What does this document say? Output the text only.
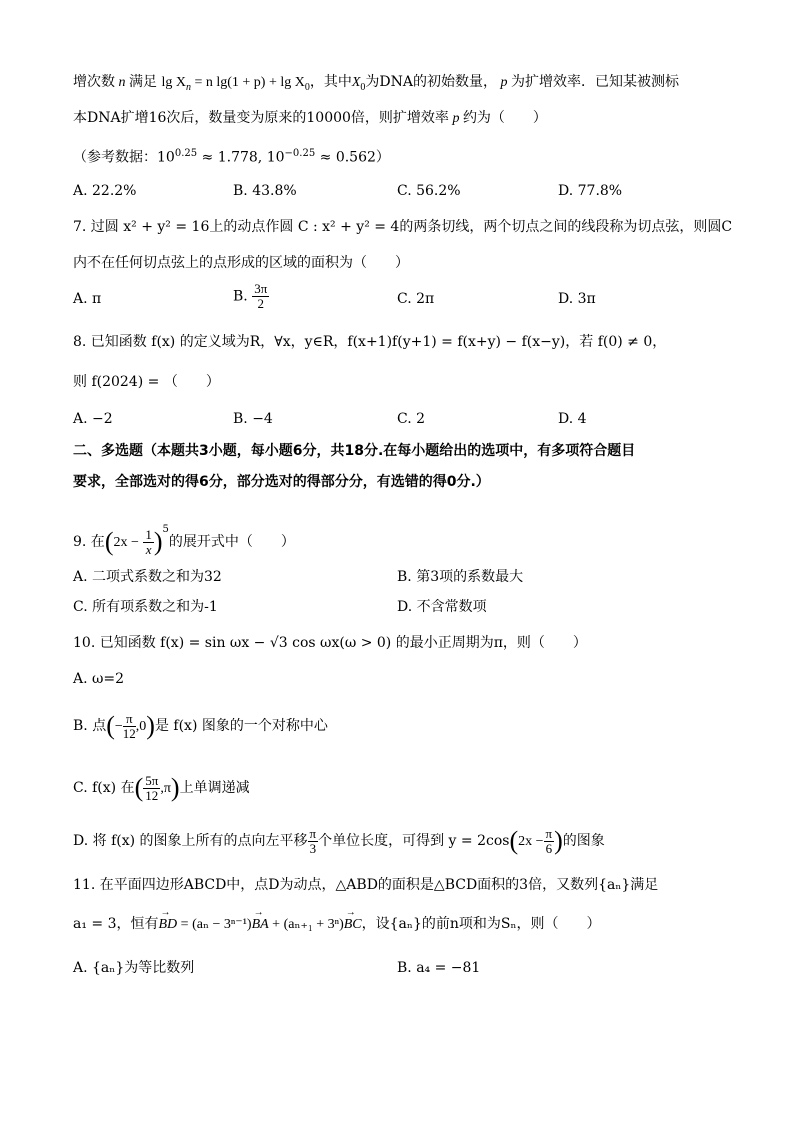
增次数 n 满足 $\lg X_n = n$ $\lg(1 + p) + \lg X_0$，其中$X_0$为DNA的初始数量， p 为扩增效率．已知某被测标
本DNA扩增16次后，数量变为原来的10000倍，则扩增效率 p 约为（　　）
（参考数据：$10^{0.25} \approx 1.778$, $10^{-0.25} \approx 0.562$）
A. 22.2%	B. 43.8%	C. 56.2%	D. 77.8%
7. 过圆 x² + y² = 16上的动点作圆 C : x² + y² = 4的两条切线，两个切点之间的线段称为切点弦，则圆C
内不在任何切点弦上的点形成的区域的面积为（　　）
A. π	B. $\frac{3\pi}{2}$	C. 2π	D. 3π
8. 已知函数 f(x) 的定义域为R，∀x，y∈R，f(x+1)f(y+1) = f(x+y) − f(x−y)，若 f(0) ≠ 0，
则 f(2024) = （　　）
A. −2	B. −4	C. 2	D. 4
二、多选题（本题共3小题，每小题6分，共18分.在每小题给出的选项中，有多项符合题目
要求，全部选对的得6分，部分选对的得部分分，有选错的得0分.）
9. 在$(2x - \frac{1}{x} )^5$的展开式中（　　）
A. 二项式系数之和为32	B. 第3项的系数最大
C. 所有项系数之和为-1	D. 不含常数项
10. 已知函数 f(x) = sin ωx − √3 cos ωx(ω > 0) 的最小正周期为π，则（　　）
A. ω=2
B. 点(− $\frac{\pi}{12} ,0$)是 f(x) 图象的一个对称中心
C. f(x) 在( $\frac{5\pi}{12} ,\pi$)上单调递减
D. 将 f(x) 的图象上所有的点向左平移 $\frac{\pi}{3}$ 个单位长度，可得到 $y = 2\cos(2x - \frac{\pi}{6}$ )的图象
11. 在平面四边形ABCD中，点D为动点，△ABD的面积是△BCD面积的3倍，又数列{aₙ}满足
a₁ = 3，恒有→ BD = (aₙ − 3ⁿ⁻¹)→ BA + (aₙ₊₁ + 3ⁿ)→ BC，设{aₙ}的前n项和为Sₙ，则（　　）
A. {aₙ}为等比数列	B. a₄ = −81
